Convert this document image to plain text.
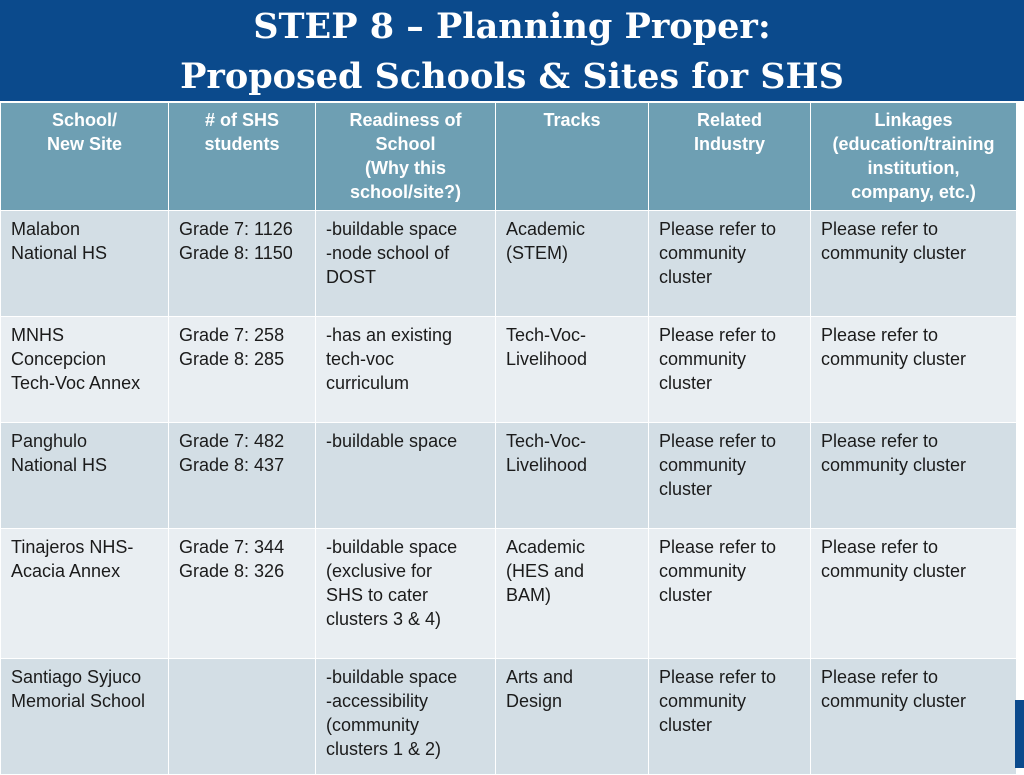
STEP 8 – Planning Proper:
Proposed Schools & Sites for SHS
School/
New Site	# of SHS
students	Readiness of
School
(Why this
school/site?)	Tracks	Related
Industry	Linkages
(education/training
institution,
company, etc.)

Malabon
National HS	Grade 7: 1126
Grade 8: 1150	-buildable space
-node school of
DOST	Academic
(STEM)	Please refer to
community
cluster	Please refer to
community cluster

MNHS
Concepcion
Tech-Voc Annex	Grade 7: 258
Grade 8: 285	-has an existing
tech-voc
curriculum	Tech-Voc-
Livelihood	Please refer to
community
cluster	Please refer to
community cluster

Panghulo
National HS	Grade 7: 482
Grade 8: 437	-buildable space	Tech-Voc-
Livelihood	Please refer to
community
cluster	Please refer to
community cluster

Tinajeros NHS-
Acacia Annex	Grade 7: 344
Grade 8: 326	-buildable space
(exclusive for
SHS to cater
clusters 3 & 4)	Academic
(HES and
BAM)	Please refer to
community
cluster	Please refer to
community cluster

Santiago Syjuco
Memorial School		-buildable space
-accessibility
(community
clusters 1 & 2)	Arts and
Design	Please refer to
community
cluster	Please refer to
community cluster
